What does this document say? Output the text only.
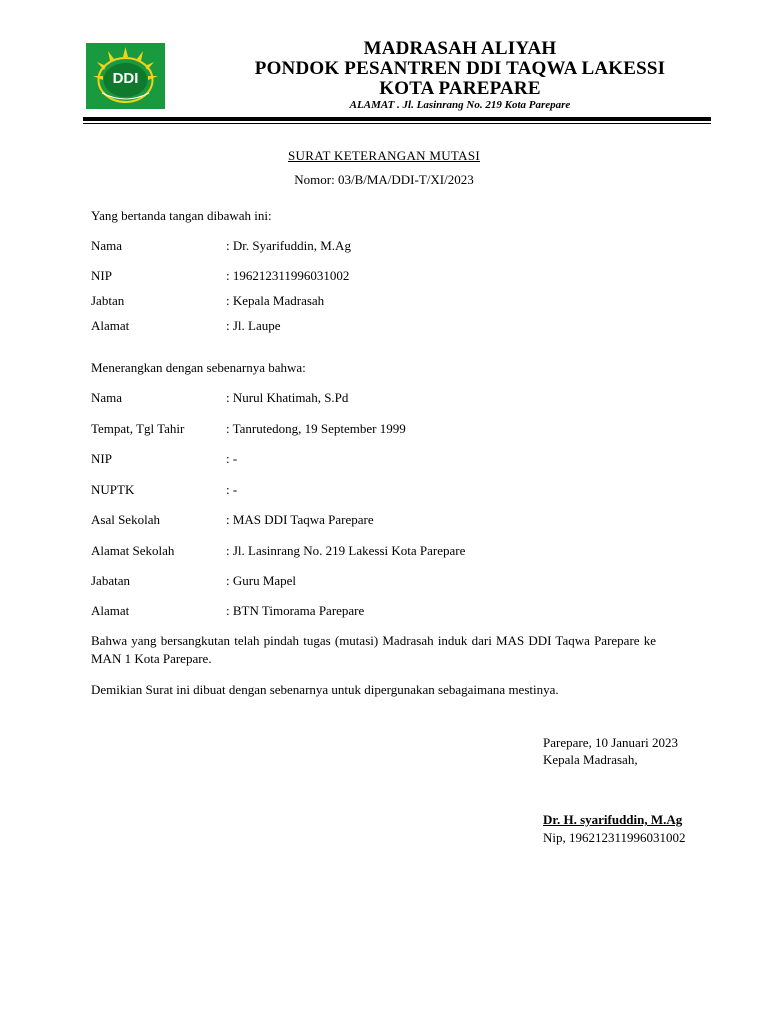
DDI
MADRASAH ALIYAH
PONDOK PESANTREN DDI TAQWA LAKESSI
KOTA PAREPARE
ALAMAT . Jl. Lasinrang No. 219 Kota Parepare
SURAT KETERANGAN MUTASI
Nomor: 03/B/MA/DDI-T/XI/2023
Yang bertanda tangan dibawah ini:
Nama	: Dr. Syarifuddin, M.Ag
NIP	: 196212311996031002
Jabtan	: Kepala Madrasah
Alamat	: Jl. Laupe
Menerangkan dengan sebenarnya bahwa:
Nama	: Nurul Khatimah, S.Pd
Tempat, Tgl Tahir	: Tanrutedong, 19 September 1999
NIP	: -
NUPTK	: -
Asal Sekolah	: MAS DDI Taqwa Parepare
Alamat Sekolah	: Jl. Lasinrang No. 219 Lakessi Kota Parepare
Jabatan	: Guru Mapel
Alamat	: BTN Timorama Parepare
Bahwa yang bersangkutan telah pindah tugas (mutasi) Madrasah induk dari MAS DDI Taqwa Parepare ke MAN 1 Kota Parepare.
Demikian Surat ini dibuat dengan sebenarnya untuk dipergunakan sebagaimana mestinya.
Parepare, 10 Januari 2023
Kepala Madrasah,
Dr. H. syarifuddin, M.Ag
Nip, 196212311996031002
